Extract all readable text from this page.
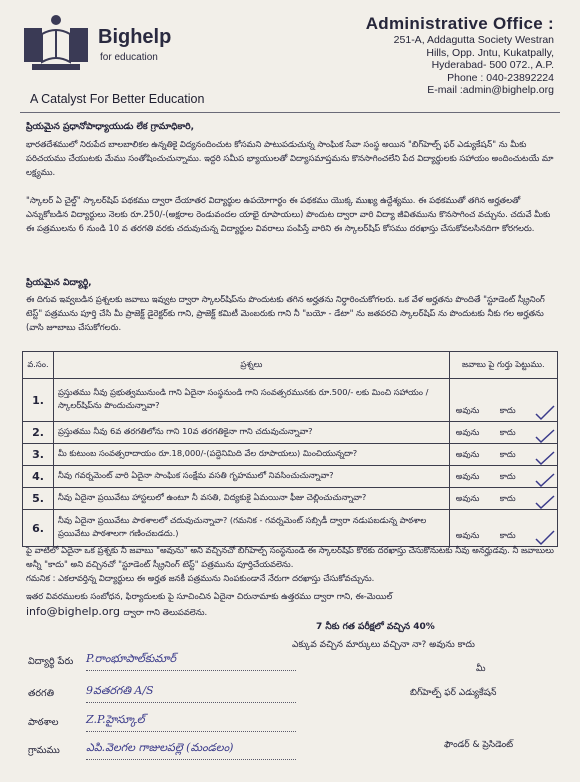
Bighelp
for education
A Catalyst For Better Education
Administrative Office :
251-A, Addagutta Society Westran
Hills, Opp. Jntu, Kukatpally,
Hyderabad- 500 072., A.P.
Phone : 040-23892224
E-mail :admin@bighelp.org
ప్రియమైన ప్రధానోపాధ్యాయుడు లేక గ్రామాధికారి,
భారతదేశములో నిరుపేద బాలబాలికల ఉన్నతికై విద్యనందించుట కోసమని పాటుపడుచున్న సాంఘిక సేవా సంస్థ అయిన "బిగ్‌హెల్ప్ ఫర్ ఎడ్యుకేషన్" ను మీకు పరిచయము చేయుటకు మేము సంతోషించుచున్నాము. ఇద్దరి సమీప భ్యాయులతో విద్యాసమాప్తమను కొనసాగించలేని పేద విద్యార్థులకు సహాయం అందించుటయే మా లక్ష్యము.
"స్కాలర్ ఏ చైల్డ్" స్కాలర్‌షిప్ పథకము ద్వారా దేయాతర విద్యార్థుల ఉపయోగార్థం ఈ పథకము యొక్క ముఖ్య ఉద్దేశ్యము. ఈ పథకముతో తగిన అర్హతలతో ఎన్నుకోబడిన విద్యార్థులు నెలకు రూ.250/-(అక్షరాల రెండువందల యాభై రూపాయలు) పొందుట ద్వారా వారి విద్యా జీవితమును కొనసాగించ వచ్చును. చదువే మీకు ఈ పత్రములను 6 నుండి 10 వ తరగతి వరకు చదువుచున్న విద్యార్థుల వివరాలు పంపిస్తే వారిని ఈ స్కాలర్‌షిప్ కోసము దరఖాస్తు చేసుకోవలసినదిగా కోరగలరు.
ప్రియమైన విద్యార్థి,
ఈ దిగువ ఇవ్వబడిన ప్రశ్నలకు జవాబు ఇవ్వుట ద్వారా స్కాలర్‌షిప్‌ను పొందుటకు తగిన అర్హతను నిర్ధారించుకోగలరు. ఒక వేళ అర్హతను పొందితే "స్టూడెంట్ స్క్రీనింగ్ టెస్ట్" పత్రమును పూర్తి చేసి మీ ప్రాజెక్ట్ డైరెక్టర్‌కు గాని, ప్రాజెక్ట్ కమిటీ మెంబరుకు గాని నీ "బయో - డేటా" ను జతపరచి స్కాలర్‌షిప్ ను పొందుటకు నీకు గల అర్హతను (వాసి జూబాబు చేసుకోగలరు.
వ.సం.	ప్రశ్నలు	జవాబు పై గుర్తు పెట్టుము.
1.	ప్రస్తుతము నీవు ప్రభుత్వమునుండి గాని ఏదైనా సంస్థనుండి గాని సంవత్సరమునకు రూ.500/- లకు మించి సహాయం / స్కాలర్‌షిప్‌ను పొందుచున్నావా?	అవును కాదు

2.	ప్రస్తుతము నీవు 6వ తరగతిలోను గాని 10వ తరగతికైనా గాని చదువుచున్నావా?	అవును కాదు

3.	మీ కుటుంబ సంవత్సరాదాయం రూ.18,000/-(పద్దెనిమిది వేల రూపాయలు) మించియున్నదా?	అవును కాదు

4.	నీవు గవర్నమెంట్ వారి ఏదైనా సాంఘిక సంక్షేమ వసతి గృహములో నివసించుచున్నావా?	అవును కాదు

5.	నీవు ఏదైనా ప్రయివేటు హాస్టలులో ఉంటూ నీ వసతి, విద్యకుకై ఏమయినా ఫీజు చెల్లించుచున్నావా?	అవును కాదు

6.	నీవు ఏదైనా ప్రయివేటు పాఠశాలలో చదువుచున్నావా? (గమనిక - గవర్నమెంట్ సబ్సిడీ ద్వారా నడుపబడున్న పాఠశాల ప్రయివేటు పాఠశాలగా గణించబడదు.)	అవును కాదు
పై వాటిలో ఏదైనా ఒక ప్రశ్నకు నీ జవాబు "అవును" అని వచ్చినచో బిగ్‌హెల్ప్ సంస్థనుండి ఈ స్కాలర్‌షిప్ కొరకు దరఖాస్తు చేసుకొనుటకు నీవు అనర్హుడవు. నీ జవాబులు అన్నీ "కాదు" అని వచ్చినచో "స్టూడెంట్ స్క్రీనింగ్ టెస్ట్" పత్రమును పూర్తిచేయవలెను.
గమనిక : ఎకలావర్తిన్న విద్యార్థులు ఈ అర్హత జనకీ పత్రమును నింపకుండానే నేరుగా దరఖాస్తు చేసుకోవచ్చును.
ఇతర వివరములకు సంబోధన, ఫిర్యాదులకు పై సూచించిన ఏదైనా చిరునామాకు ఉత్తరము ద్వారా గాని, ఈ-మెయిల్
info@bighelp.org ద్వారా గాని తెలుపవలెను.
7 నీకు గత పరీక్షలో వచ్చిన 40%
ఎక్కువ వచ్చిన మార్కులు వచ్చినా నా? అవును కాదు
విద్యార్థి పేరు P.రాంభూపాల్‌కుమార్
తరగతి	9వతరగతి A/S
పాఠశాల Z.P.హైస్కూల్
గ్రామము ఎపి.వెలగల గాజులపల్లె (మండలం)
మీ
బిగ్‌హెల్ప్ ఫర్ ఎడ్యుకేషన్
ఫౌండర్ & ప్రెసిడెంట్
